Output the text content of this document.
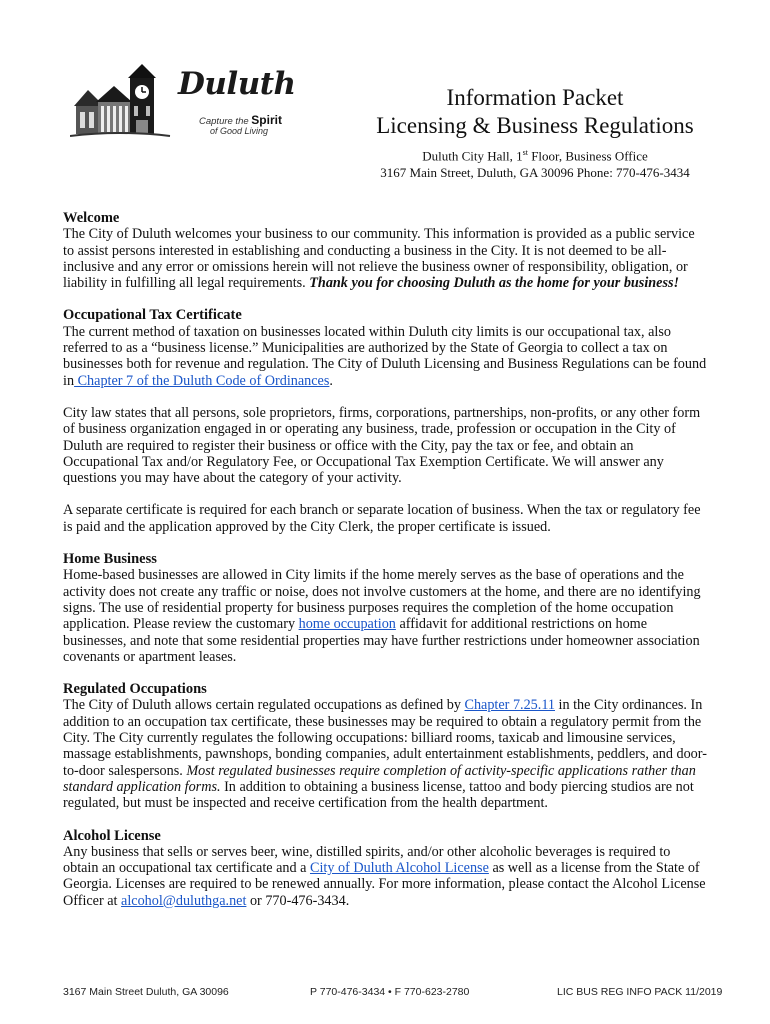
Duluth
Capture the Spirit
of Good Living
Information Packet
Licensing & Business Regulations
Duluth City Hall, 1st Floor, Business Office
3167 Main Street, Duluth, GA 30096 Phone: 770-476-3434
Welcome

The City of Duluth welcomes your business to our community. This information is provided as a public service to assist persons interested in establishing and conducting a business in the City. It is not deemed to be all-inclusive and any error or omissions herein will not relieve the business owner of responsibility, obligation, or liability in fulfilling all legal requirements. Thank you for choosing Duluth as the home for your business!

Occupational Tax Certificate

The current method of taxation on businesses located within Duluth city limits is our occupational tax, also referred to as a “business license.” Municipalities are authorized by the State of Georgia to collect a tax on businesses both for revenue and regulation. The City of Duluth Licensing and Business Regulations can be found in Chapter 7 of the Duluth Code of Ordinances.

City law states that all persons, sole proprietors, firms, corporations, partnerships, non-profits, or any other form of business organization engaged in or operating any business, trade, profession or occupation in the City of Duluth are required to register their business or office with the City, pay the tax or fee, and obtain an Occupational Tax and/or Regulatory Fee, or Occupational Tax Exemption Certificate. We will answer any questions you may have about the category of your activity.

A separate certificate is required for each branch or separate location of business. When the tax or regulatory fee is paid and the application approved by the City Clerk, the proper certificate is issued.

Home Business

Home-based businesses are allowed in City limits if the home merely serves as the base of operations and the activity does not create any traffic or noise, does not involve customers at the home, and there are no identifying signs. The use of residential property for business purposes requires the completion of the home occupation application. Please review the customary home occupation affidavit for additional restrictions on home businesses, and note that some residential properties may have further restrictions under homeowner association covenants or apartment leases.

Regulated Occupations

The City of Duluth allows certain regulated occupations as defined by Chapter 7.25.11 in the City ordinances. In addition to an occupation tax certificate, these businesses may be required to obtain a regulatory permit from the City. The City currently regulates the following occupations: billiard rooms, taxicab and limousine services, massage establishments, pawnshops, bonding companies, adult entertainment establishments, peddlers, and door-to-door salespersons. Most regulated businesses require completion of activity-specific applications rather than standard application forms. In addition to obtaining a business license, tattoo and body piercing studios are not regulated, but must be inspected and receive certification from the health department.

Alcohol License

Any business that sells or serves beer, wine, distilled spirits, and/or other alcoholic beverages is required to obtain an occupational tax certificate and a City of Duluth Alcohol License as well as a license from the State of Georgia. Licenses are required to be renewed annually. For more information, please contact the Alcohol License Officer at alcohol@duluthga.net or 770-476-3434.

3167 Main Street Duluth, GA 30096	P 770-476-3434 • F 770-623-2780	LIC BUS REG INFO PACK 11/2019
